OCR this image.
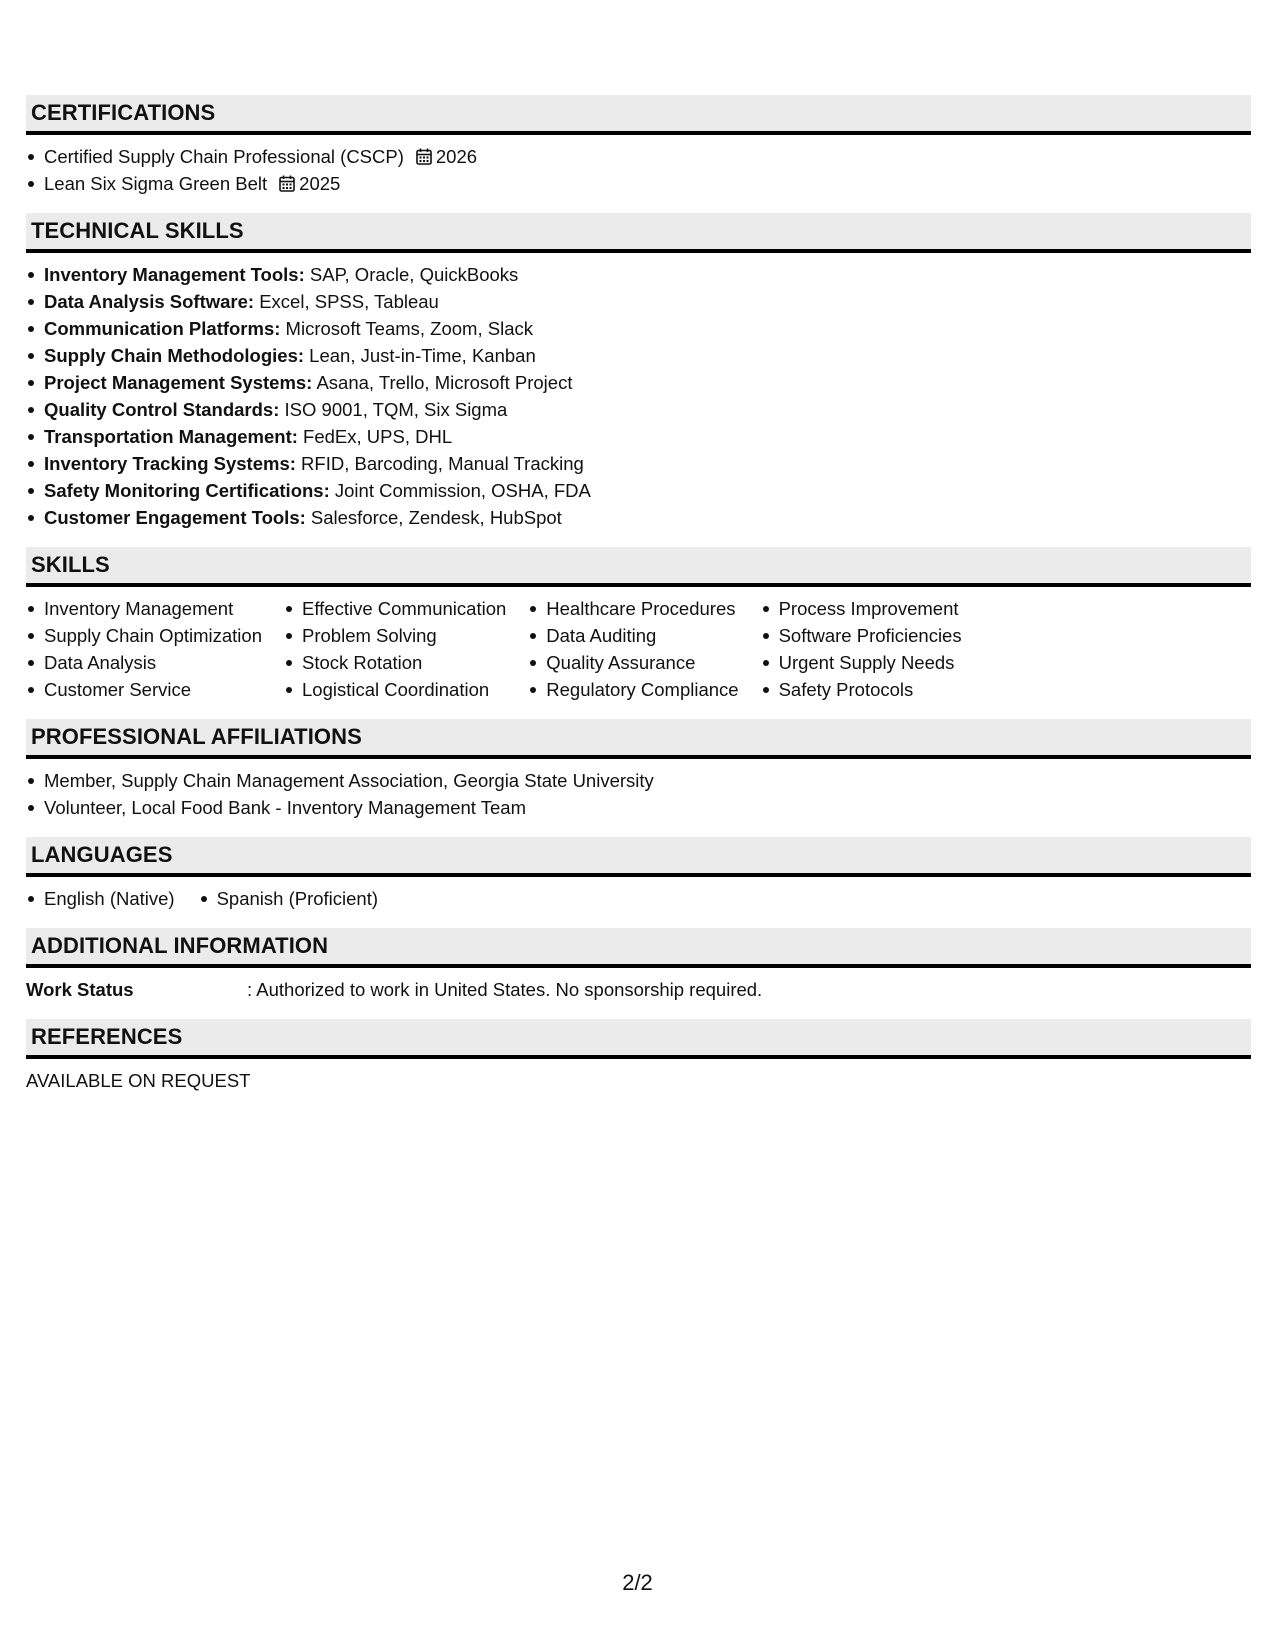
CERTIFICATIONS
Certified Supply Chain Professional (CSCP) 2026
Lean Six Sigma Green Belt 2025
TECHNICAL SKILLS
Inventory Management Tools: SAP, Oracle, QuickBooks
Data Analysis Software: Excel, SPSS, Tableau
Communication Platforms: Microsoft Teams, Zoom, Slack
Supply Chain Methodologies: Lean, Just-in-Time, Kanban
Project Management Systems: Asana, Trello, Microsoft Project
Quality Control Standards: ISO 9001, TQM, Six Sigma
Transportation Management: FedEx, UPS, DHL
Inventory Tracking Systems: RFID, Barcoding, Manual Tracking
Safety Monitoring Certifications: Joint Commission, OSHA, FDA
Customer Engagement Tools: Salesforce, Zendesk, HubSpot
SKILLS
Inventory Management
Supply Chain Optimization
Data Analysis
Customer Service
Effective Communication
Problem Solving
Stock Rotation
Logistical Coordination
Healthcare Procedures
Data Auditing
Quality Assurance
Regulatory Compliance
Process Improvement
Software Proficiencies
Urgent Supply Needs
Safety Protocols
PROFESSIONAL AFFILIATIONS
Member, Supply Chain Management Association, Georgia State University
Volunteer, Local Food Bank - Inventory Management Team
LANGUAGES
English (Native)	Spanish (Proficient)
ADDITIONAL INFORMATION
Work Status	: Authorized to work in United States. No sponsorship required.
REFERENCES
AVAILABLE ON REQUEST
2/2
